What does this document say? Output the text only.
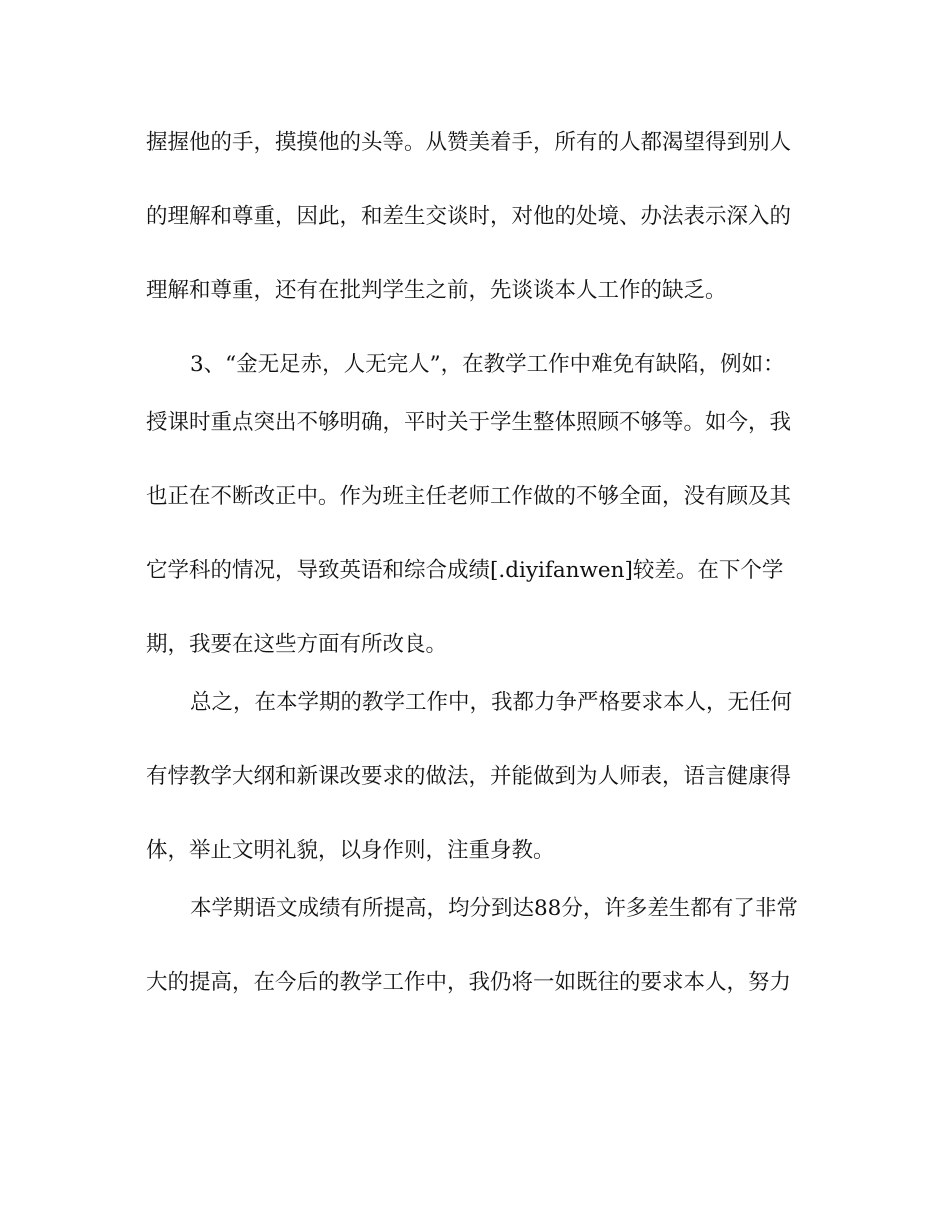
握握他的手，摸摸他的头等。从赞美着手，所有的人都渴望得到别人
的理解和尊重，因此，和差生交谈时，对他的处境、办法表示深入的
理解和尊重，还有在批判学生之前，先谈谈本人工作的缺乏。
3、“金无足赤，人无完人”，在教学工作中难免有缺陷，例如：
授课时重点突出不够明确，平时关于学生整体照顾不够等。如今，我
也正在不断改正中。作为班主任老师工作做的不够全面，没有顾及其
它学科的情况，导致英语和综合成绩[.diyifanwen]较差。在下个学
期，我要在这些方面有所改良。
总之，在本学期的教学工作中，我都力争严格要求本人，无任何
有悖教学大纲和新课改要求的做法，并能做到为人师表，语言健康得
体，举止文明礼貌，以身作则，注重身教。
本学期语文成绩有所提高，均分到达88分，许多差生都有了非常
大的提高，在今后的教学工作中，我仍将一如既往的要求本人，努力
